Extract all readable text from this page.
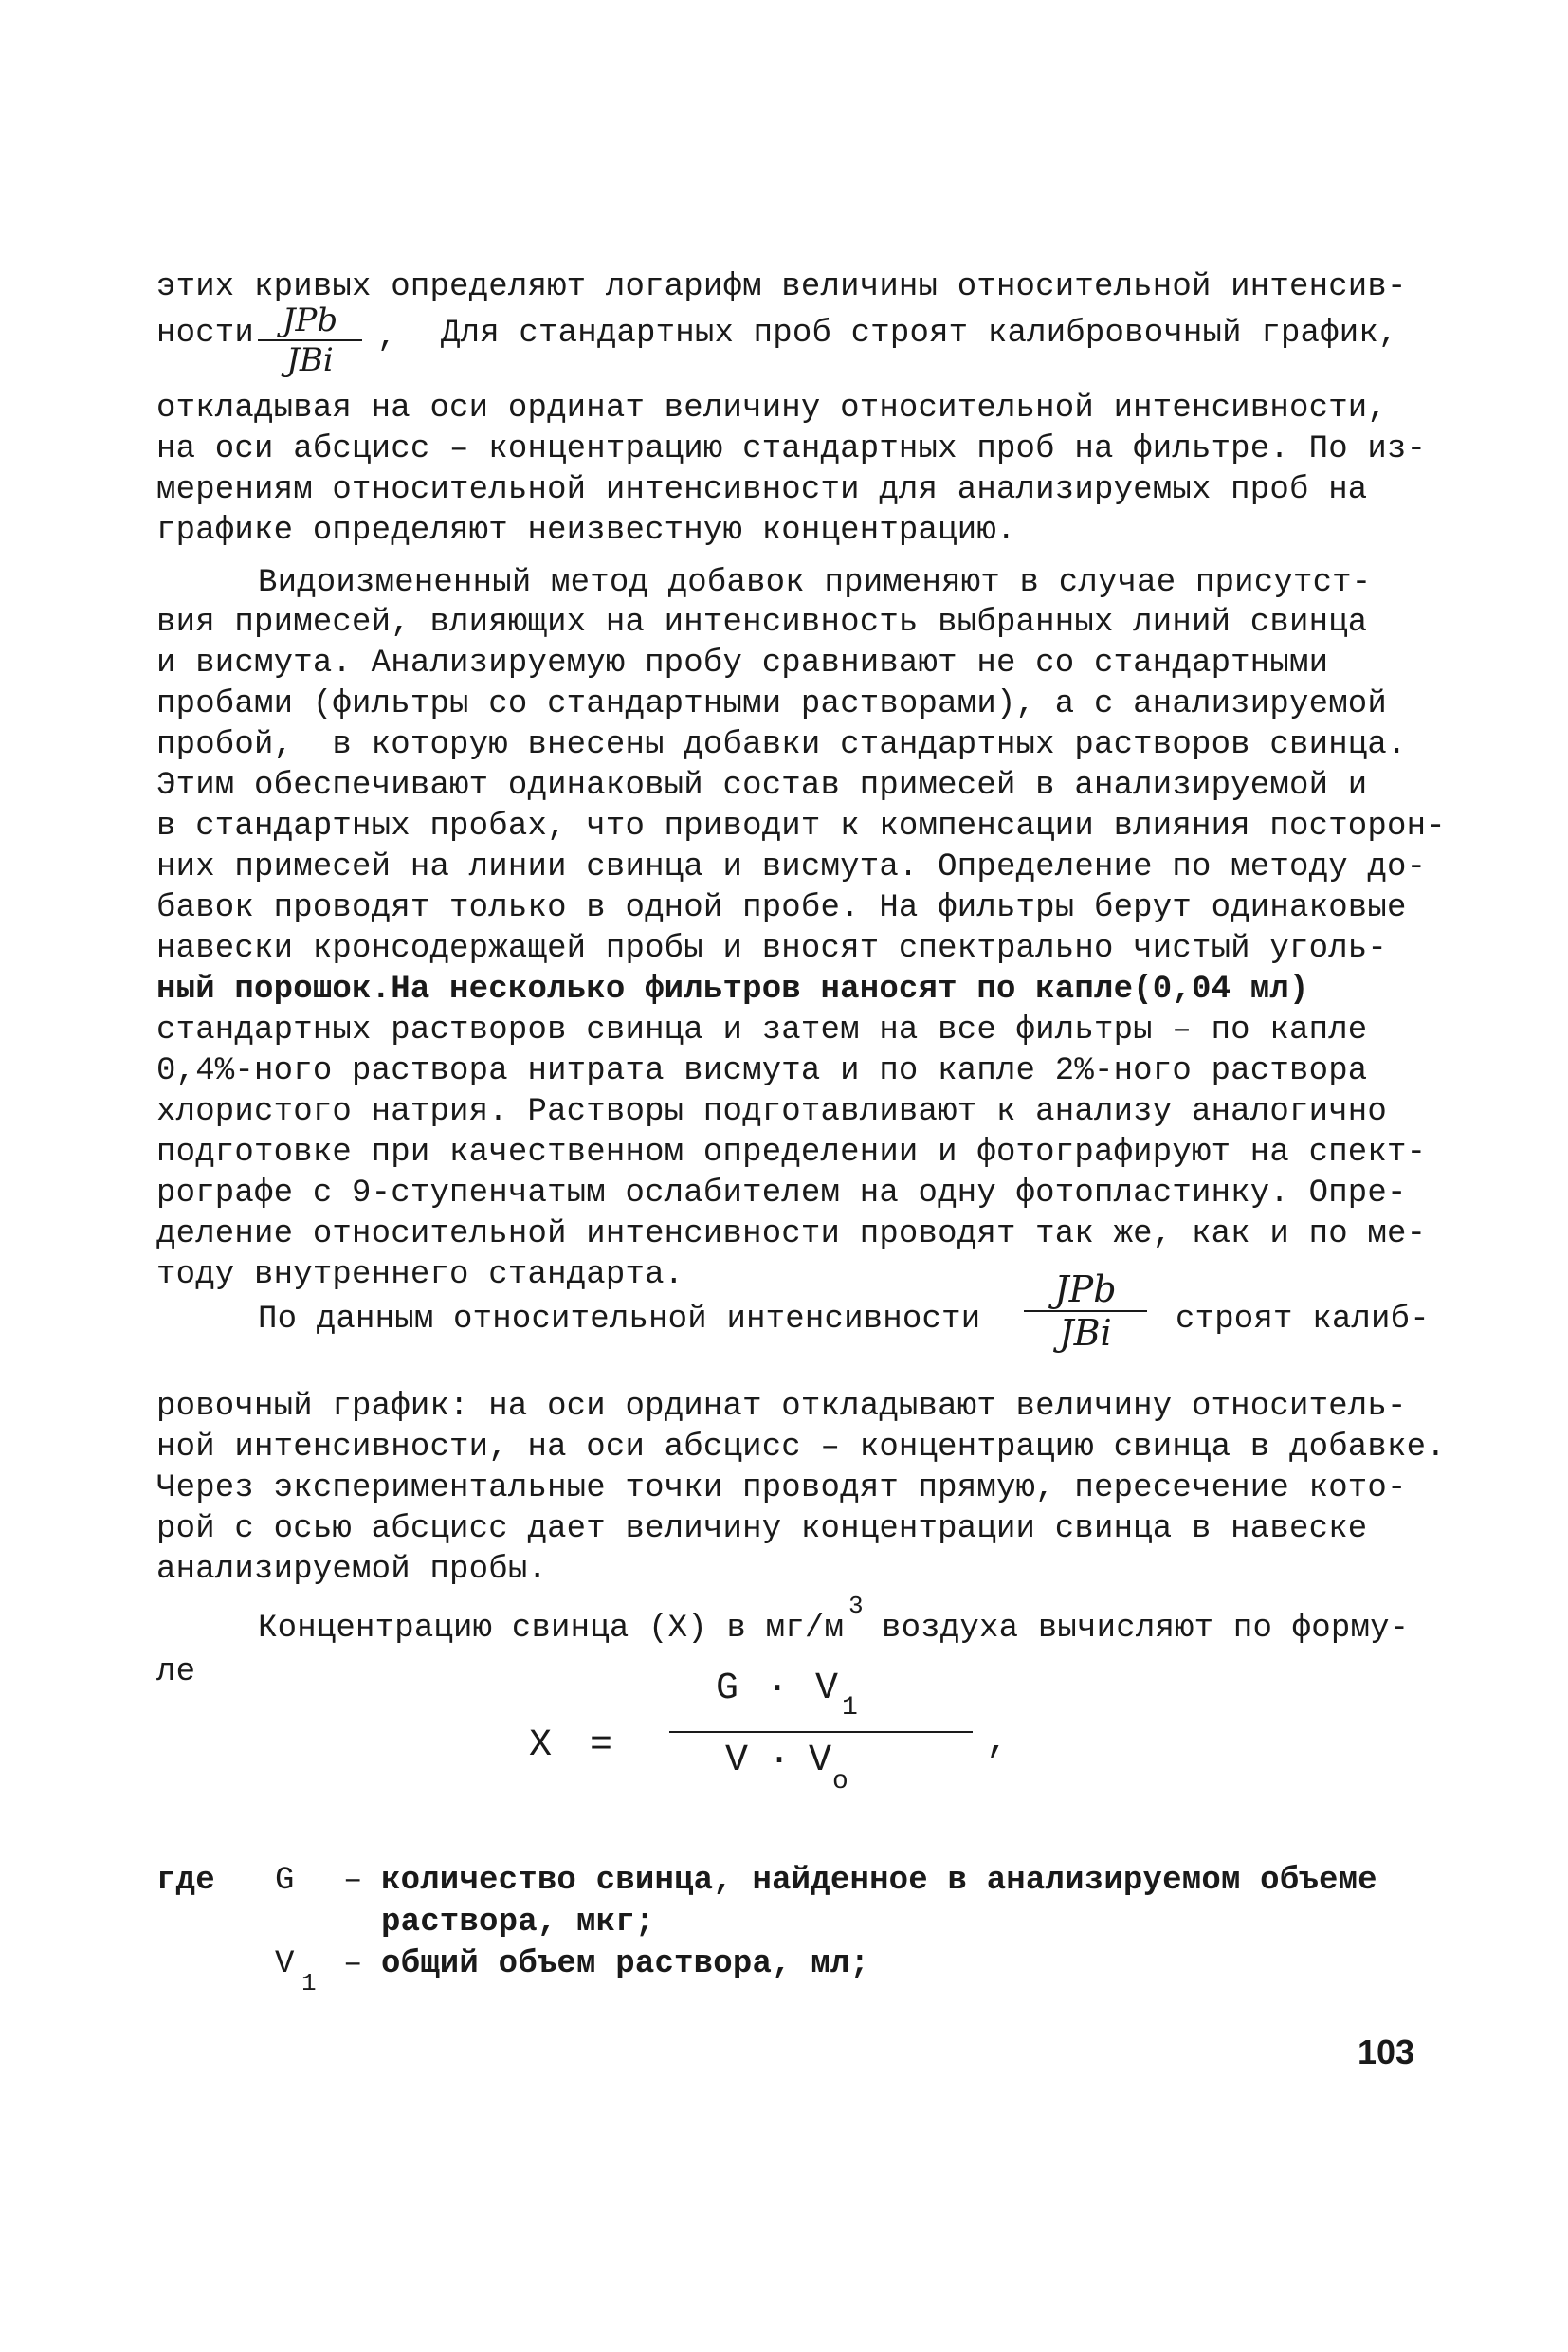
этих кривых определяют логарифм величины относительной интенсив-
ности JPb
JBi
, Для стандартных проб строят калибровочный график,
откладывая на оси ординат величину относительной интенсивности,
на оси абсцисс – концентрацию стандартных проб на фильтре. По из-
мерениям относительной интенсивности для анализируемых проб на
графике определяют неизвестную концентрацию.
Видоизмененный метод добавок применяют в случае присутст-
вия примесей, влияющих на интенсивность выбранных линий свинца
и висмута. Анализируемую пробу сравнивают не со стандартными
пробами (фильтры со стандартными растворами), а с анализируемой
пробой,  в которую внесены добавки стандартных растворов свинца.
Этим обеспечивают одинаковый состав примесей в анализируемой и
в стандартных пробах, что приводит к компенсации влияния посторон-
них примесей на линии свинца и висмута. Определение по методу до-
бавок проводят только в одной пробе. На фильтры берут одинаковые
навески кронсодержащей пробы и вносят спектрально чистый уголь-
ный порошок.На несколько фильтров наносят по капле(0,04 мл)
стандартных растворов свинца и затем на все фильтры – по капле
0,4%-ного раствора нитрата висмута и по капле 2%-ного раствора
хлористого натрия. Растворы подготавливают к анализу аналогично
подготовке при качественном определении и фотографируют на спект-
рографе с 9-ступенчатым ослабителем на одну фотопластинку. Опре-
деление относительной интенсивности проводят так же, как и по ме-
тоду внутреннего стандарта.
По данным относительной интенсивности
JPb
JBi	строят калиб-
ровочный график: на оси ординат откладывают величину относитель-
ной интенсивности, на оси абсцисс – концентрацию свинца в добавке.
Через экспериментальные точки проводят прямую, пересечение кото-
рой с осью абсцисс дает величину концентрации свинца в навеске
анализируемой пробы.
Концентрацию свинца (X) в мг/м
3
воздуха вычисляют по форму-
ле
X =
G · V 1
V · V o
,
где G – количество свинца, найденное в анализируемом объеме
раствора, мкг;
V
1
– общий объем раствора, мл;
103
